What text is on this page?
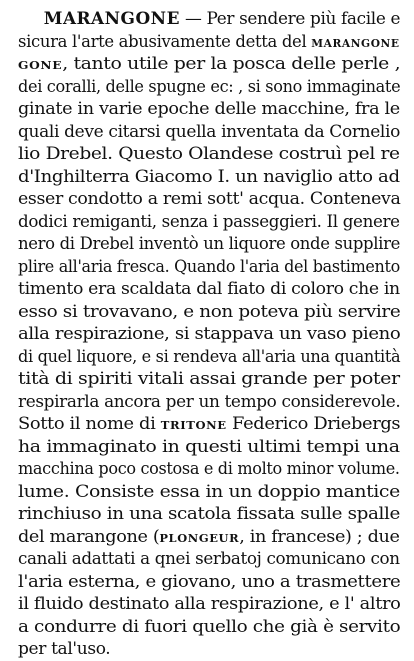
MARANGONE — Per sendere più facile e
sicura l'arte abusivamente detta del marangone
gone, tanto utile per la posca delle perle ,
dei coralli, delle spugne ec: , si sono immaginate
ginate in varie epoche delle macchine, fra le
quali deve citarsi quella inventata da Cornelio
lio Drebel. Questo Olandese costruì pel re
d'Inghilterra Giacomo I. un naviglio atto ad
esser condotto a remi sott' acqua. Conteneva
dodici remiganti, senza i passeggieri. Il genere
nero di Drebel inventò un liquore onde supplire
plire all'aria fresca. Quando l'aria del bastimento
timento era scaldata dal fiato di coloro che in
esso si trovavano, e non poteva più servire
alla respirazione, si stappava un vaso pieno
di quel liquore, e si rendeva all'aria una quantità
tità di spiriti vitali assai grande per poter
respirarla ancora per un tempo considerevole.
Sotto il nome di tritone Federico Driebergs
ha immaginato in questi ultimi tempi una
macchina poco costosa e di molto minor volume.
lume. Consiste essa in un doppio mantice
rinchiuso in una scatola fissata sulle spalle
del marangone (plongeur, in francese) ; due
canali adattati a qnei serbatoj comunicano con
l'aria esterna, e giovano, uno a trasmettere
il fluido destinato alla respirazione, e l' altro
a condurre di fuori quello che già è servito
per tal'uso.
